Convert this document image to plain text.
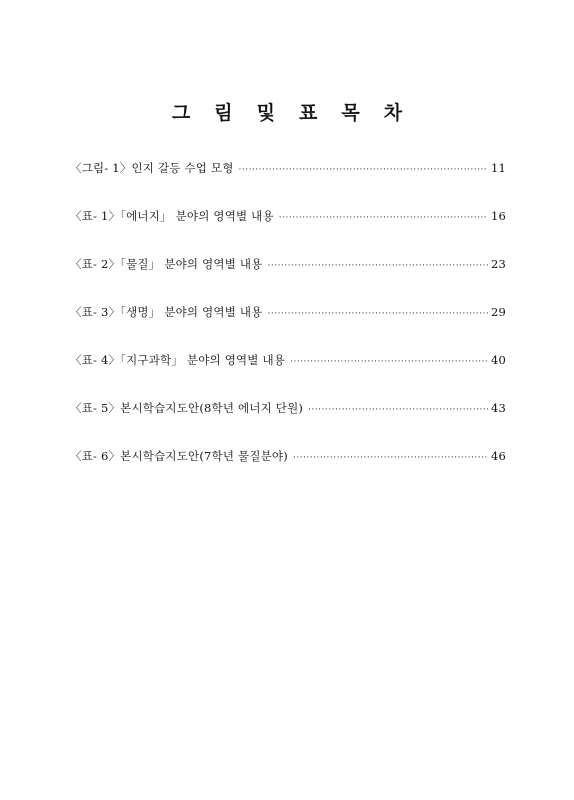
그 림 및 표 목 차
〈그림- 1〉인지 갈등 수업 모형 ·····	11
〈표- 1〉「에너지」 분야의 영역별 내용 ·····	16
〈표- 2〉「물질」 분야의 영역별 내용 ·····	23
〈표- 3〉「생명」 분야의 영역별 내용 ·····	29
〈표- 4〉「지구과학」 분야의 영역별 내용 ·····	40
〈표- 5〉본시학습지도안(8학년 에너지 단원) ·····	43
〈표- 6〉본시학습지도안(7학년 물질분야) ·····	46
